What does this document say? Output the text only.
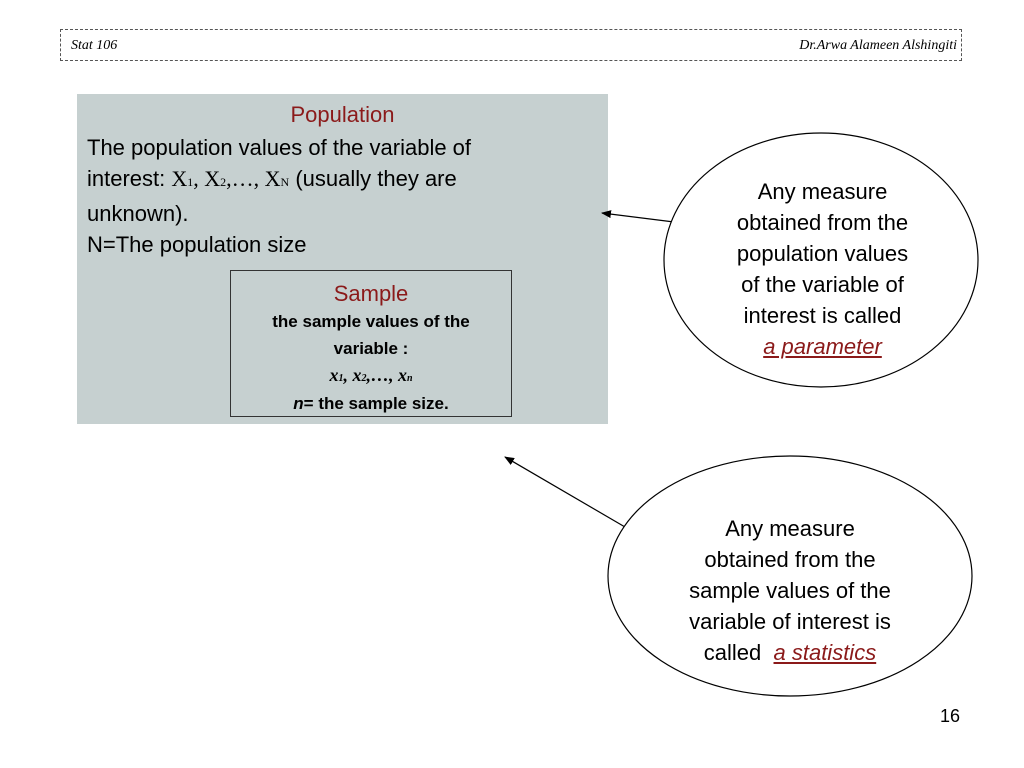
Stat 106	Dr.Arwa Alameen Alshingiti
Population
The population values of the variable of
interest: X1, X2,…, XN (usually they are
unknown).
N=The population size
Sample
the sample values of the
variable :
x1, x2,…, xn
n= the sample size.
Any measure
obtained from the
population values
of the variable of
interest is called
a parameter
Any measure
obtained from the
sample values of the
variable of interest is
called  a statistics
16
